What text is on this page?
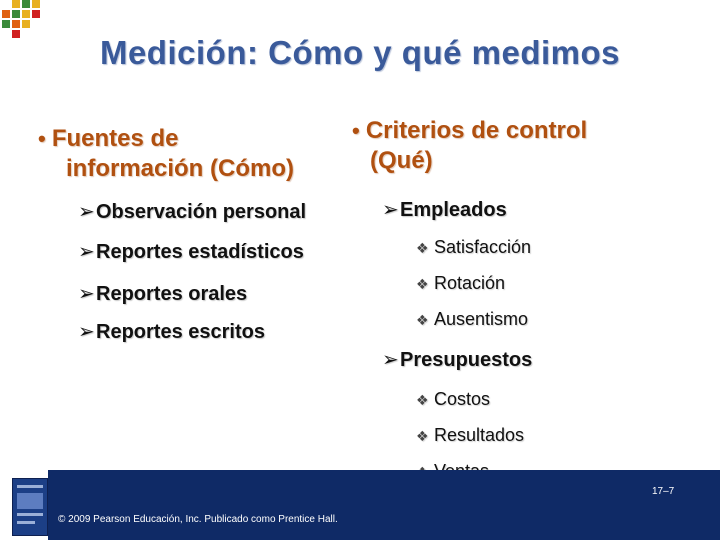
Medición: Cómo y qué medimos
• Fuentes de
información (Cómo)
• Criterios de control
(Qué)
➢Observación personal
➢Reportes estadísticos
➢Reportes orales
➢Reportes escritos
➢Empleados
❖ Satisfacción
❖ Rotación
❖ Ausentismo
➢Presupuestos
❖ Costos
❖ Resultados
© 2009 Pearson Educación, Inc. Publicado como Prentice Hall.
17–7
